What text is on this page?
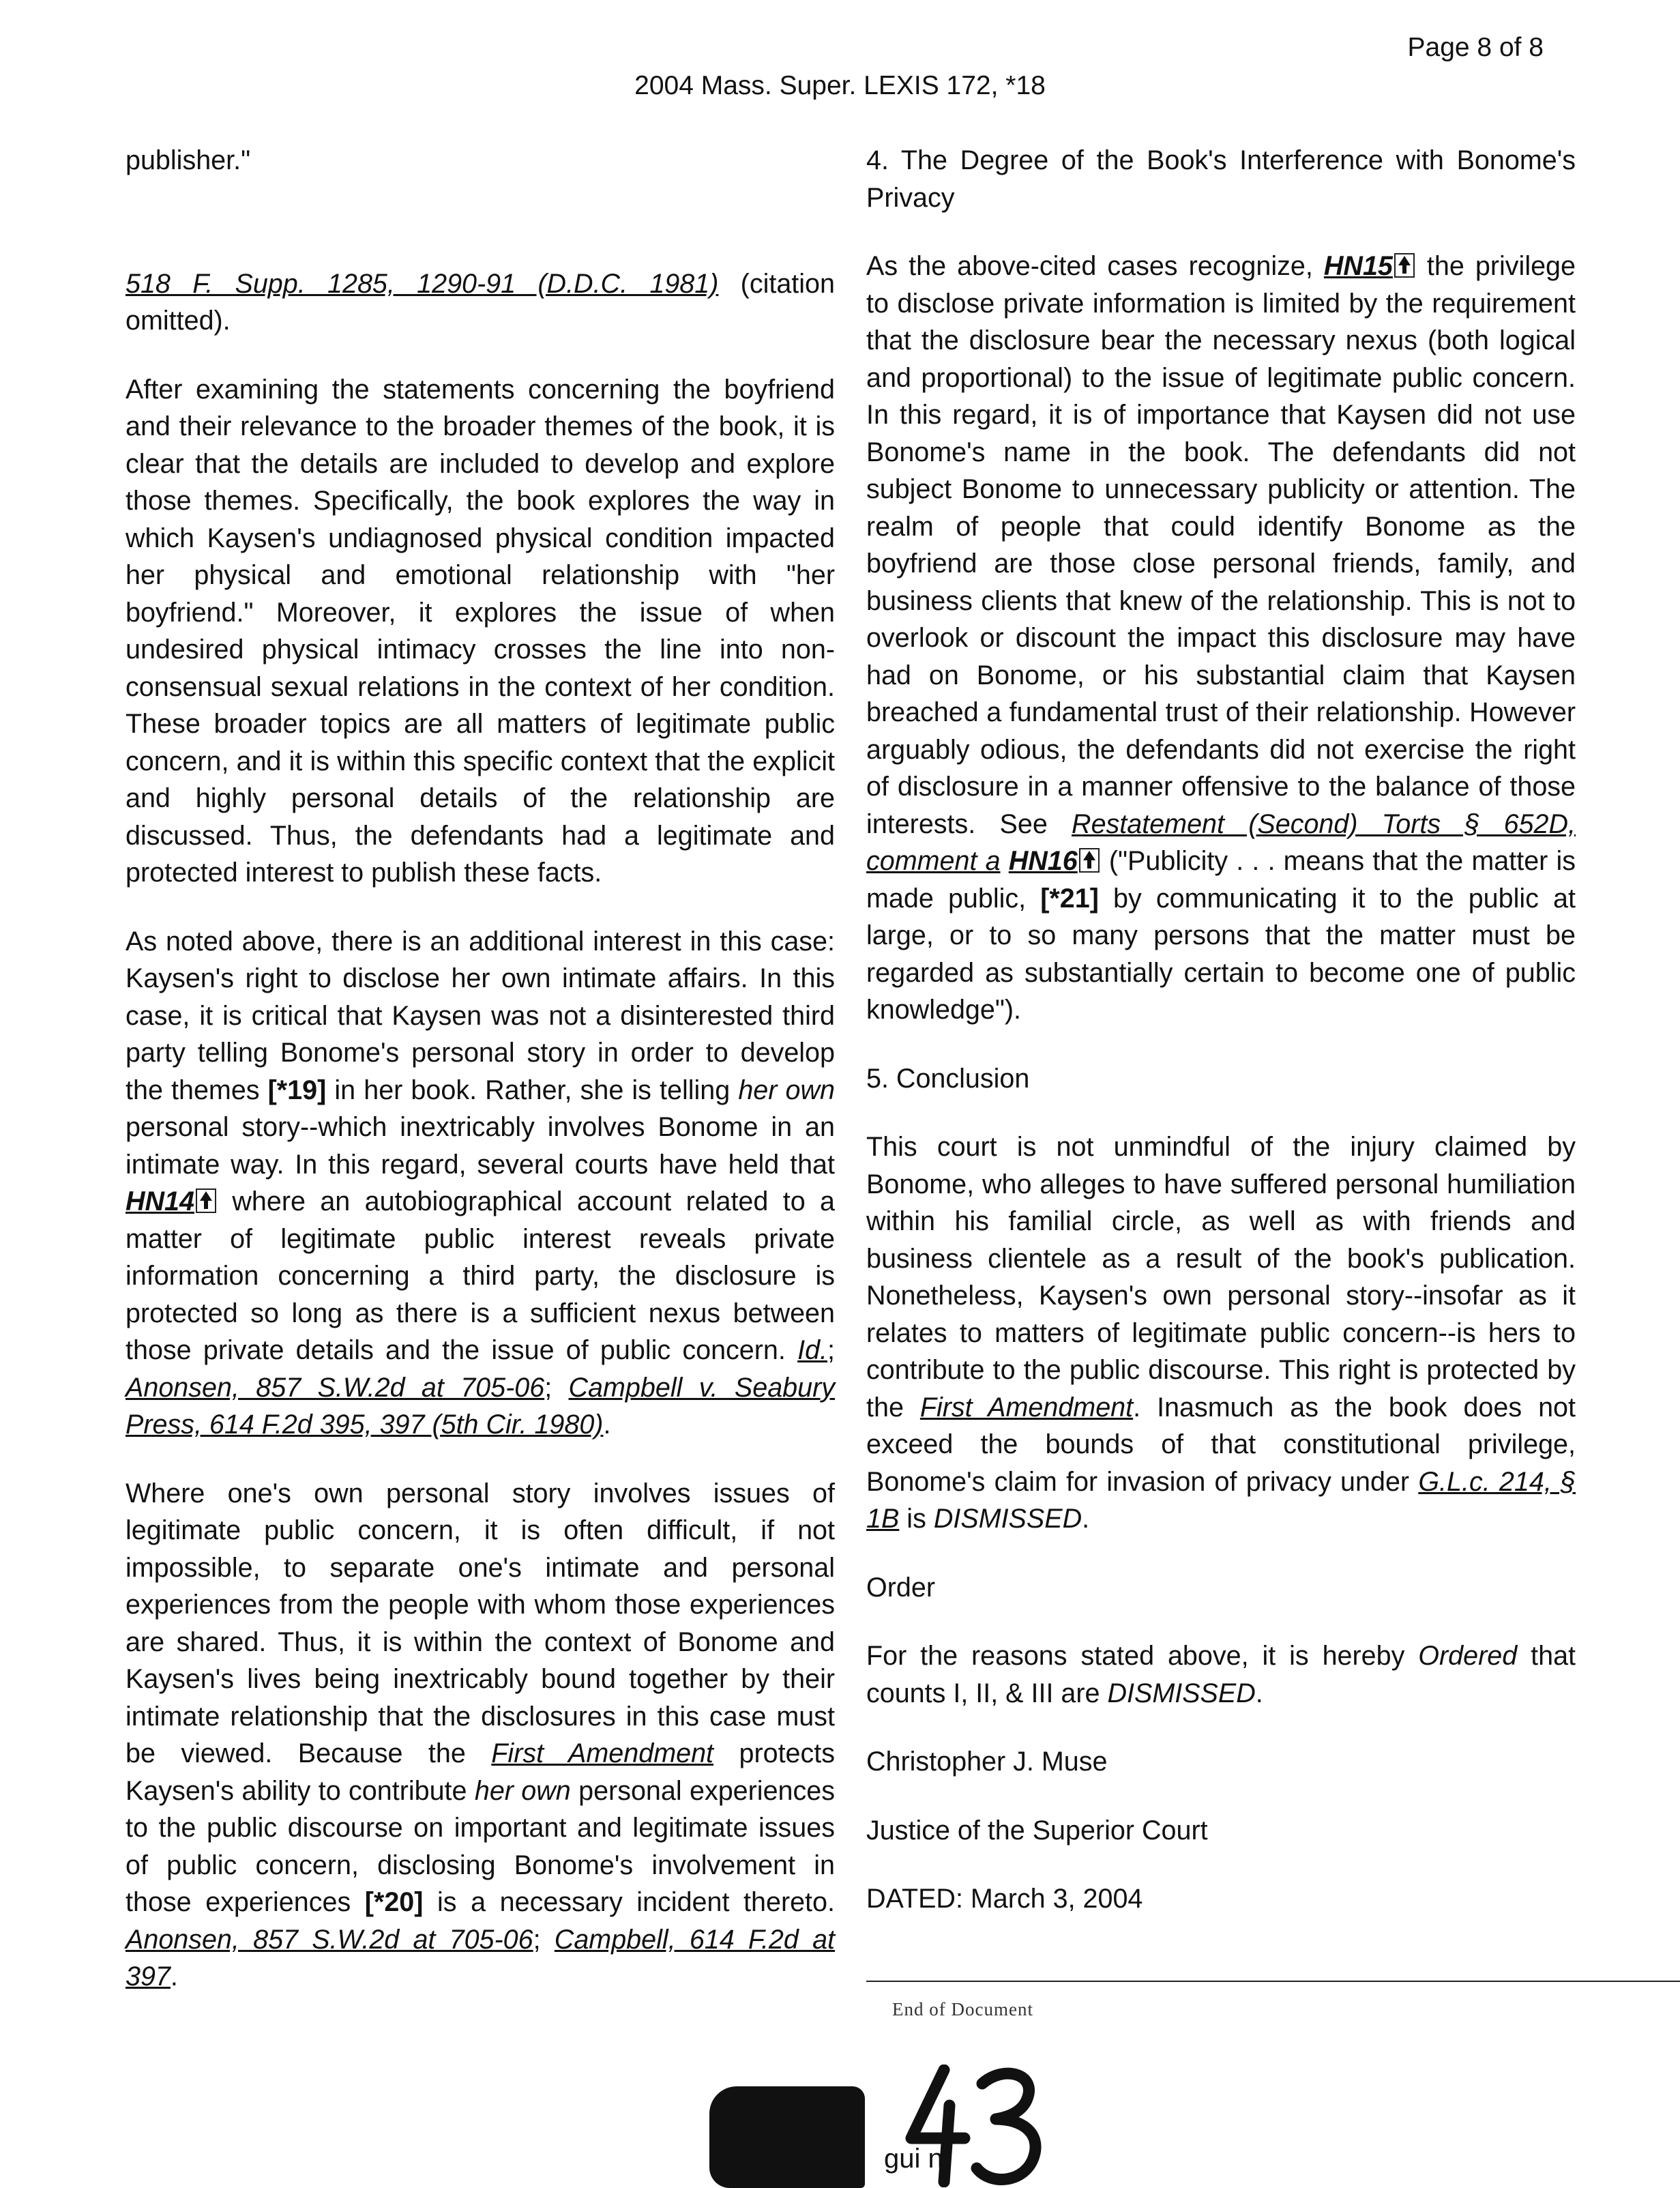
Page 8 of 8
2004 Mass. Super. LEXIS 172, *18

publisher."

518 F. Supp. 1285, 1290-91 (D.D.C. 1981) (citation omitted).

After examining the statements concerning the boyfriend and their relevance to the broader themes of the book, it is clear that the details are included to develop and explore those themes. Specifically, the book explores the way in which Kaysen's undiagnosed physical condition impacted her physical and emotional relationship with "her boyfriend." Moreover, it explores the issue of when undesired physical intimacy crosses the line into non-consensual sexual relations in the context of her condition. These broader topics are all matters of legitimate public concern, and it is within this specific context that the explicit and highly personal details of the relationship are discussed. Thus, the defendants had a legitimate and protected interest to publish these facts.

As noted above, there is an additional interest in this case: Kaysen's right to disclose her own intimate affairs. In this case, it is critical that Kaysen was not a disinterested third party telling Bonome's personal story in order to develop the themes [*19] in her book. Rather, she is telling her own personal story--which inextricably involves Bonome in an intimate way. In this regard, several courts have held that HN14 where an autobiographical account related to a matter of legitimate public interest reveals private information concerning a third party, the disclosure is protected so long as there is a sufficient nexus between those private details and the issue of public concern. Id.; Anonsen, 857 S.W.2d at 705-06; Campbell v. Seabury Press, 614 F.2d 395, 397 (5th Cir. 1980).

Where one's own personal story involves issues of legitimate public concern, it is often difficult, if not impossible, to separate one's intimate and personal experiences from the people with whom those experiences are shared. Thus, it is within the context of Bonome and Kaysen's lives being inextricably bound together by their intimate relationship that the disclosures in this case must be viewed. Because the First Amendment protects Kaysen's ability to contribute her own personal experiences to the public discourse on important and legitimate issues of public concern, disclosing Bonome's involvement in those experiences [*20] is a necessary incident thereto. Anonsen, 857 S.W.2d at 705-06; Campbell, 614 F.2d at 397.

4. The Degree of the Book's Interference with Bonome's Privacy

As the above-cited cases recognize, HN15 the privilege to disclose private information is limited by the requirement that the disclosure bear the necessary nexus (both logical and proportional) to the issue of legitimate public concern. In this regard, it is of importance that Kaysen did not use Bonome's name in the book. The defendants did not subject Bonome to unnecessary publicity or attention. The realm of people that could identify Bonome as the boyfriend are those close personal friends, family, and business clients that knew of the relationship. This is not to overlook or discount the impact this disclosure may have had on Bonome, or his substantial claim that Kaysen breached a fundamental trust of their relationship. However arguably odious, the defendants did not exercise the right of disclosure in a manner offensive to the balance of those interests. See Restatement (Second) Torts § 652D, comment a HN16 ("Publicity . . . means that the matter is made public, [*21] by communicating it to the public at large, or to so many persons that the matter must be regarded as substantially certain to become one of public knowledge").

5. Conclusion

This court is not unmindful of the injury claimed by Bonome, who alleges to have suffered personal humiliation within his familial circle, as well as with friends and business clientele as a result of the book's publication. Nonetheless, Kaysen's own personal story--insofar as it relates to matters of legitimate public concern--is hers to contribute to the public discourse. This right is protected by the First Amendment. Inasmuch as the book does not exceed the bounds of that constitutional privilege, Bonome's claim for invasion of privacy under G.L.c. 214, § 1B is DISMISSED.

Order

For the reasons stated above, it is hereby Ordered that counts I, II, & III are DISMISSED.

Christopher J. Muse

Justice of the Superior Court

DATED: March 3, 2004

End of Document
gui n
